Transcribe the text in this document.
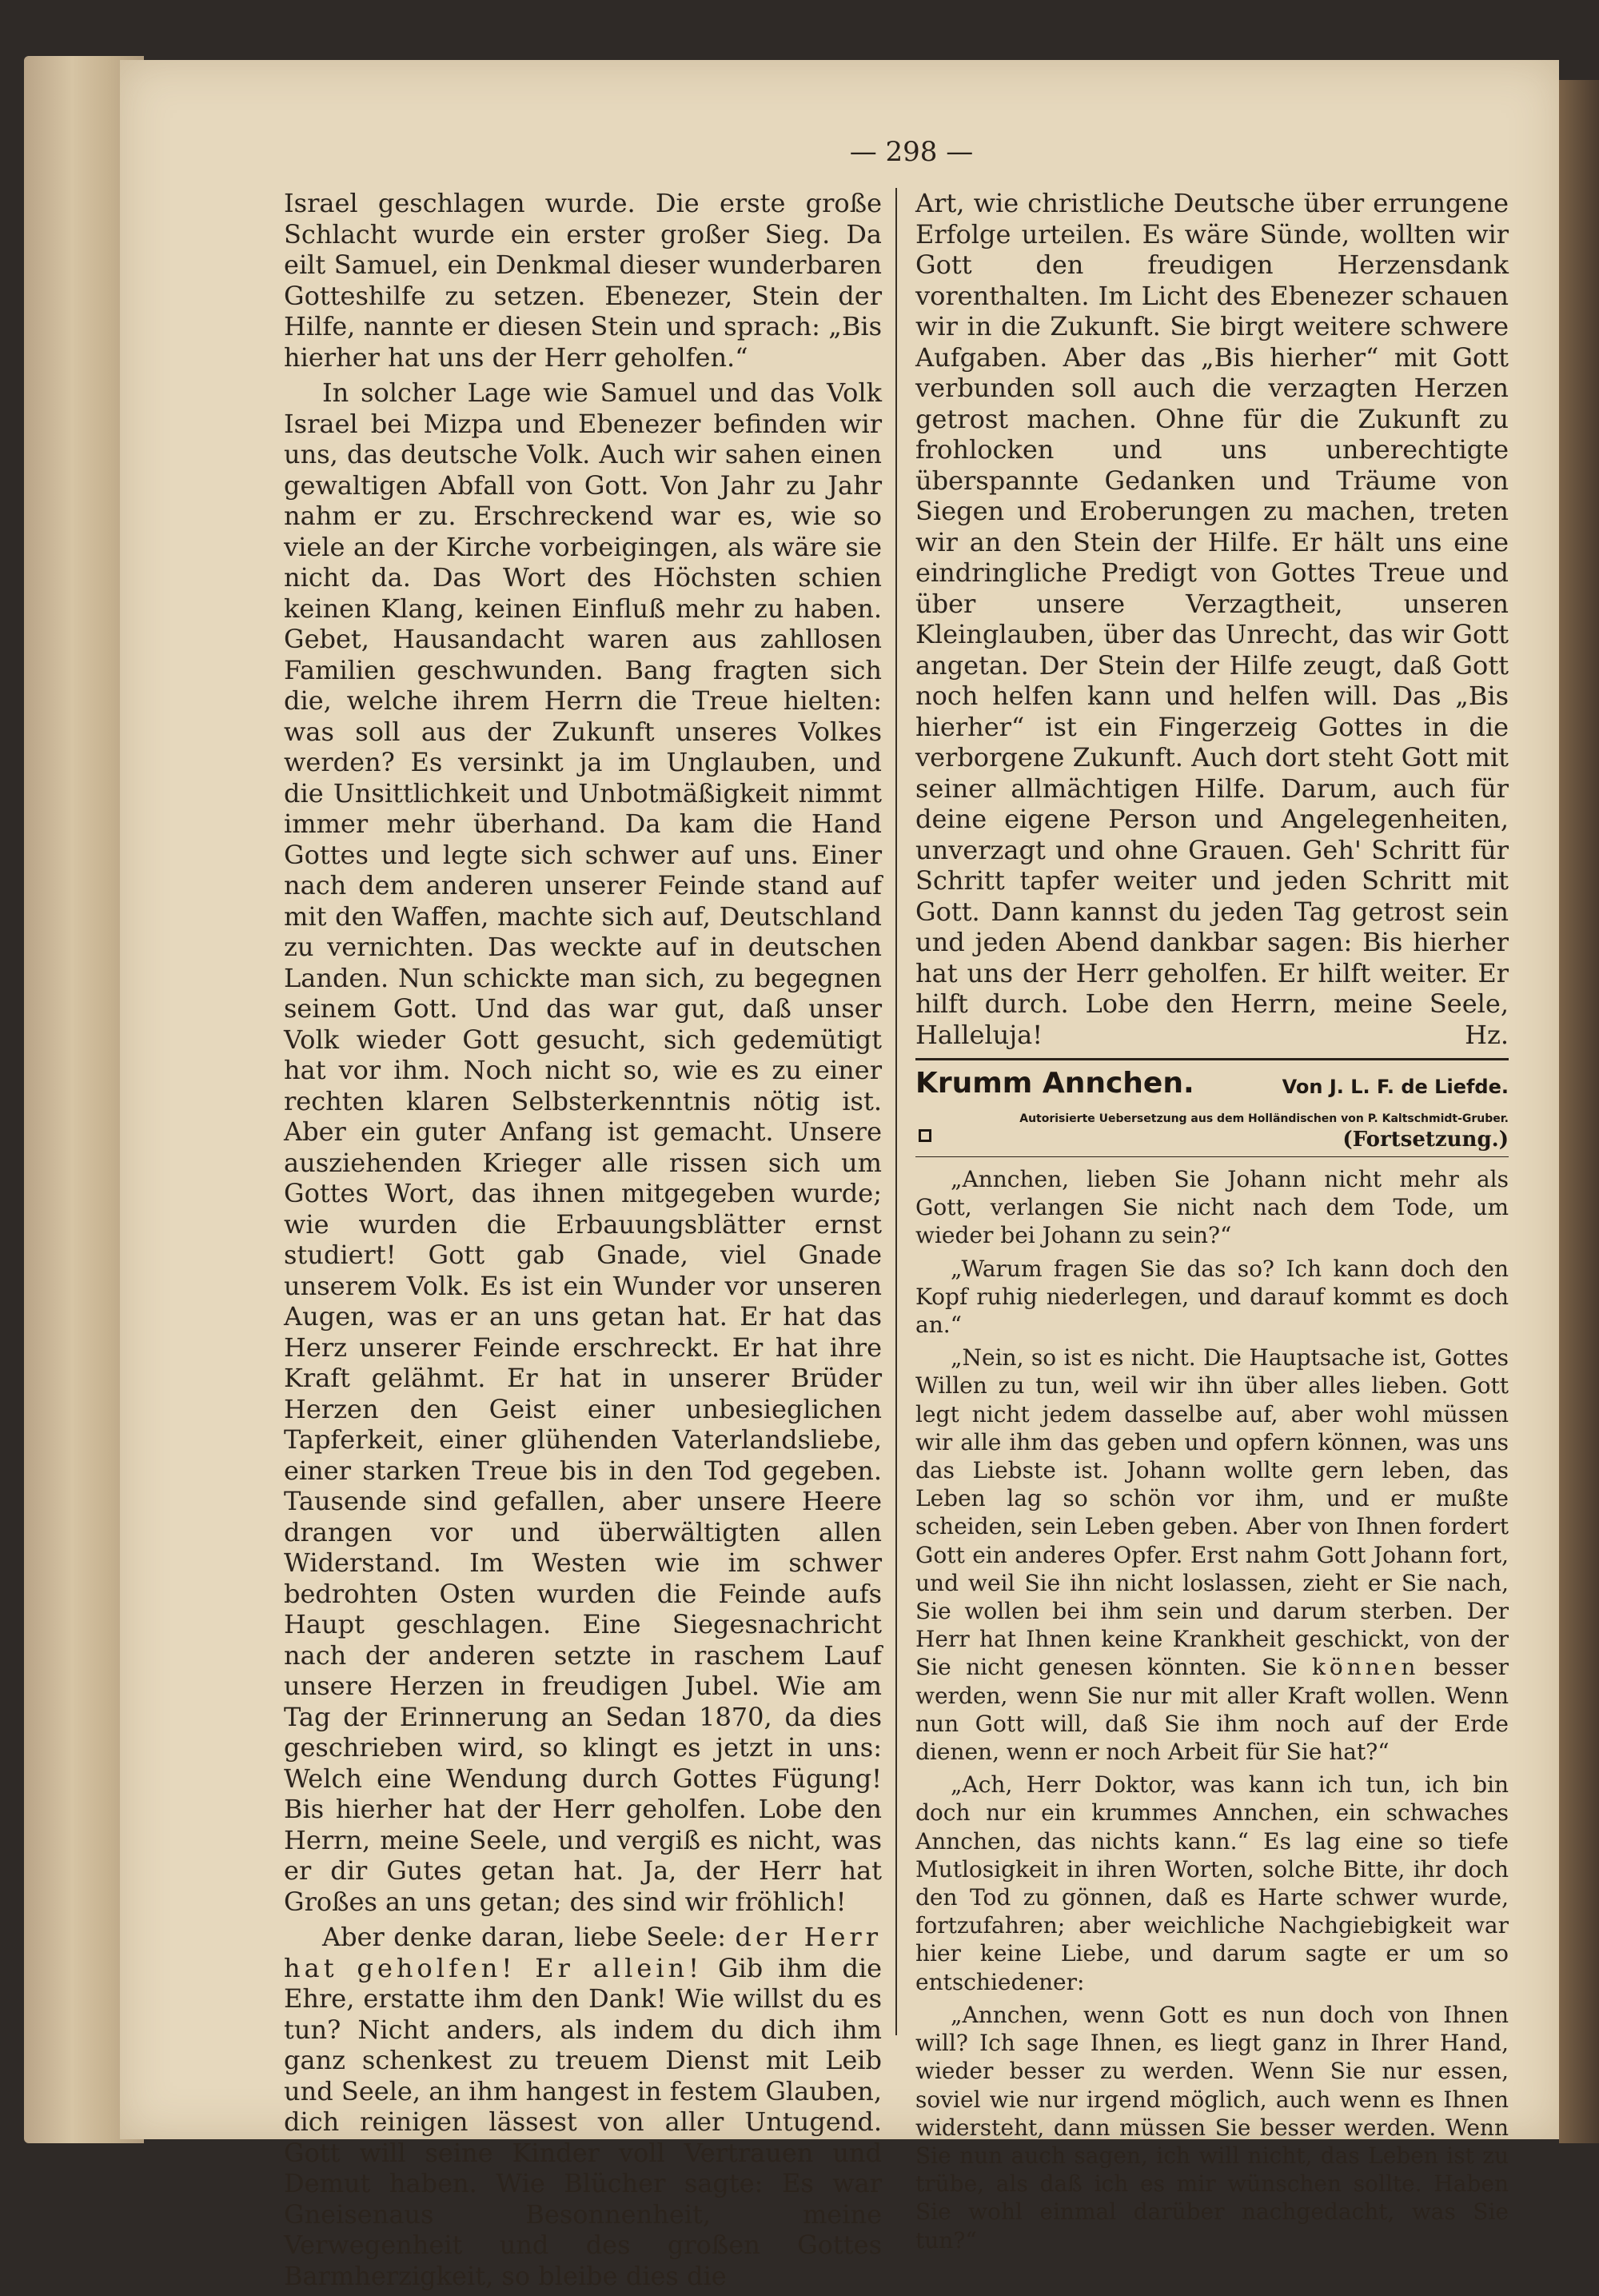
— 298 —

Israel geschlagen wurde. Die erste große Schlacht wurde ein erster großer Sieg. Da eilt Samuel, ein Denkmal dieser wunderbaren Gotteshilfe zu setzen. Ebenezer, Stein der Hilfe, nannte er diesen Stein und sprach: „Bis hierher hat uns der Herr geholfen.“

In solcher Lage wie Samuel und das Volk Israel bei Mizpa und Ebenezer befinden wir uns, das deutsche Volk. Auch wir sahen einen gewaltigen Abfall von Gott. Von Jahr zu Jahr nahm er zu. Erschreckend war es, wie so viele an der Kirche vorbeigingen, als wäre sie nicht da. Das Wort des Höchsten schien keinen Klang, keinen Einfluß mehr zu haben. Gebet, Hausandacht waren aus zahllosen Familien geschwunden. Bang fragten sich die, welche ihrem Herrn die Treue hielten: was soll aus der Zukunft unseres Volkes werden? Es versinkt ja im Unglauben, und die Unsittlichkeit und Unbotmäßigkeit nimmt immer mehr überhand. Da kam die Hand Gottes und legte sich schwer auf uns. Einer nach dem anderen unserer Feinde stand auf mit den Waffen, machte sich auf, Deutschland zu vernichten. Das weckte auf in deutschen Landen. Nun schickte man sich, zu begegnen seinem Gott. Und das war gut, daß unser Volk wieder Gott gesucht, sich gedemütigt hat vor ihm. Noch nicht so, wie es zu einer rechten klaren Selbsterkenntnis nötig ist. Aber ein guter Anfang ist gemacht. Unsere ausziehenden Krieger alle rissen sich um Gottes Wort, das ihnen mitgegeben wurde; wie wurden die Erbauungsblätter ernst studiert! Gott gab Gnade, viel Gnade unserem Volk. Es ist ein Wunder vor unseren Augen, was er an uns getan hat. Er hat das Herz unserer Feinde erschreckt. Er hat ihre Kraft gelähmt. Er hat in unserer Brüder Herzen den Geist einer unbesieglichen Tapferkeit, einer glühenden Vaterlandsliebe, einer starken Treue bis in den Tod gegeben. Tausende sind gefallen, aber unsere Heere drangen vor und überwältigten allen Widerstand. Im Westen wie im schwer bedrohten Osten wurden die Feinde aufs Haupt geschlagen. Eine Siegesnachricht nach der anderen setzte in raschem Lauf unsere Herzen in freudigen Jubel. Wie am Tag der Erinnerung an Sedan 1870, da dies geschrieben wird, so klingt es jetzt in uns: Welch eine Wendung durch Gottes Fügung! Bis hierher hat der Herr geholfen. Lobe den Herrn, meine Seele, und vergiß es nicht, was er dir Gutes getan hat. Ja, der Herr hat Großes an uns getan; des sind wir fröhlich!

Aber denke daran, liebe Seele: der Herr hat geholfen! Er allein! Gib ihm die Ehre, erstatte ihm den Dank! Wie willst du es tun? Nicht anders, als indem du dich ihm ganz schenkest zu treuem Dienst mit Leib und Seele, an ihm hangest in festem Glauben, dich reinigen lässest von aller Untugend. Gott will seine Kinder voll Vertrauen und Demut haben. Wie Blücher sagte: Es war Gneisenaus Besonnenheit, meine Verwegenheit und des großen Gottes Barmherzigkeit, so bleibe dies die

Art, wie christliche Deutsche über errungene Erfolge urteilen. Es wäre Sünde, wollten wir Gott den freudigen Herzensdank vorenthalten. Im Licht des Ebenezer schauen wir in die Zukunft. Sie birgt weitere schwere Aufgaben. Aber das „Bis hierher“ mit Gott verbunden soll auch die verzagten Herzen getrost machen. Ohne für die Zukunft zu frohlocken und uns unberechtigte überspannte Gedanken und Träume von Siegen und Eroberungen zu machen, treten wir an den Stein der Hilfe. Er hält uns eine eindringliche Predigt von Gottes Treue und über unsere Verzagtheit, unseren Kleinglauben, über das Unrecht, das wir Gott angetan. Der Stein der Hilfe zeugt, daß Gott noch helfen kann und helfen will. Das „Bis hierher“ ist ein Fingerzeig Gottes in die verborgene Zukunft. Auch dort steht Gott mit seiner allmächtigen Hilfe. Darum, auch für deine eigene Person und Angelegenheiten, unverzagt und ohne Grauen. Geh' Schritt für Schritt tapfer weiter und jeden Schritt mit Gott. Dann kannst du jeden Tag getrost sein und jeden Abend dankbar sagen: Bis hierher hat uns der Herr geholfen. Er hilft weiter. Er hilft durch. Lobe den Herrn, meine Seele, Halleluja!	Hz.

Krumm Annchen.	Von J. L. F. de Liefde.
Autorisierte Uebersetzung aus dem Holländischen von P. Kaltschmidt-Gruber.
(Fortsetzung.)

„Annchen, lieben Sie Johann nicht mehr als Gott, verlangen Sie nicht nach dem Tode, um wieder bei Johann zu sein?“

„Warum fragen Sie das so? Ich kann doch den Kopf ruhig niederlegen, und darauf kommt es doch an.“

„Nein, so ist es nicht. Die Hauptsache ist, Gottes Willen zu tun, weil wir ihn über alles lieben. Gott legt nicht jedem dasselbe auf, aber wohl müssen wir alle ihm das geben und opfern können, was uns das Liebste ist. Johann wollte gern leben, das Leben lag so schön vor ihm, und er mußte scheiden, sein Leben geben. Aber von Ihnen fordert Gott ein anderes Opfer. Erst nahm Gott Johann fort, und weil Sie ihn nicht loslassen, zieht er Sie nach, Sie wollen bei ihm sein und darum sterben. Der Herr hat Ihnen keine Krankheit geschickt, von der Sie nicht genesen könnten. Sie können besser werden, wenn Sie nur mit aller Kraft wollen. Wenn nun Gott will, daß Sie ihm noch auf der Erde dienen, wenn er noch Arbeit für Sie hat?“

„Ach, Herr Doktor, was kann ich tun, ich bin doch nur ein krummes Annchen, ein schwaches Annchen, das nichts kann.“ Es lag eine so tiefe Mutlosigkeit in ihren Worten, solche Bitte, ihr doch den Tod zu gönnen, daß es Harte schwer wurde, fortzufahren; aber weichliche Nachgiebigkeit war hier keine Liebe, und darum sagte er um so entschiedener:

„Annchen, wenn Gott es nun doch von Ihnen will? Ich sage Ihnen, es liegt ganz in Ihrer Hand, wieder besser zu werden. Wenn Sie nur essen, soviel wie nur irgend möglich, auch wenn es Ihnen widersteht, dann müssen Sie besser werden. Wenn Sie nun auch sagen, ich will nicht, das Leben ist zu trübe, als daß ich es mir wünschen sollte. Haben Sie wohl einmal darüber nachgedacht, was Sie tun?“
